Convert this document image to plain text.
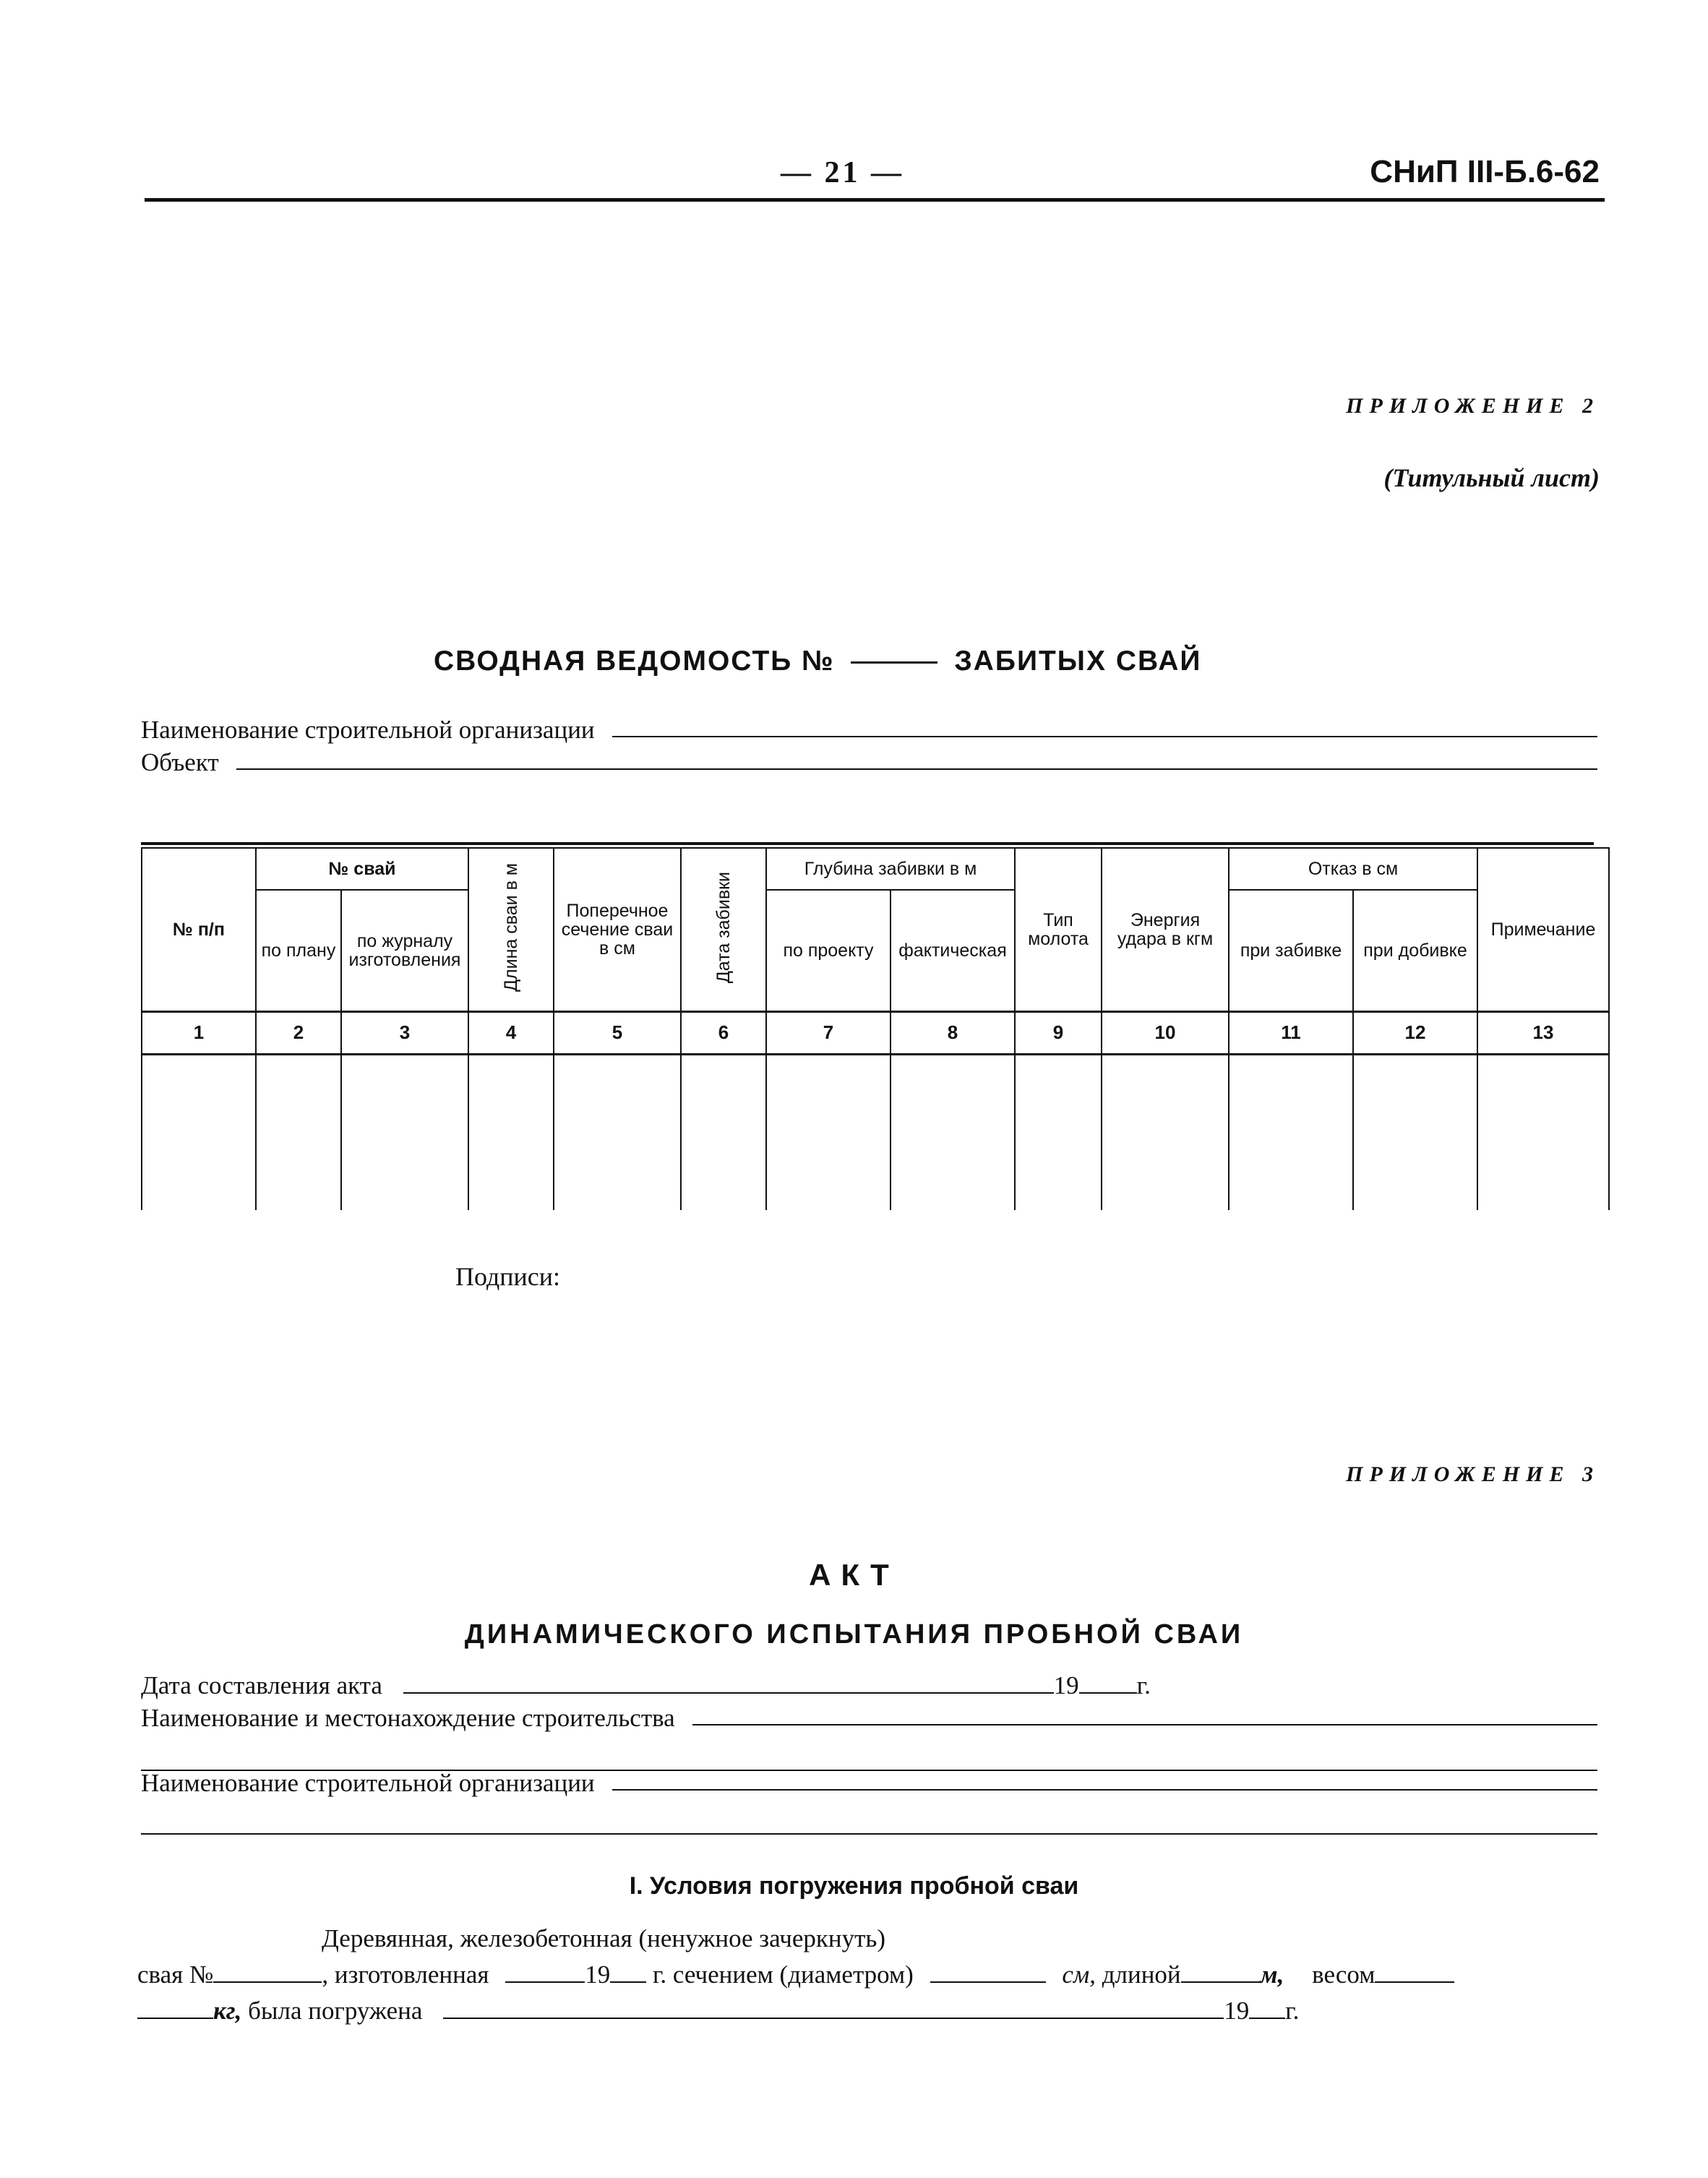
— 21 —	СНиП III-Б.6-62
ПРИЛОЖЕНИЕ 2
(Титульный лист)
СВОДНАЯ ВЕДОМОСТЬ №	ЗАБИТЫХ СВАЙ
Наименование строительной организации
Объект
№ п/п	№ свай		Длина сваи в м	Поперечное сечение сваи в см	Дата забивки	Глубина забивки в м		Тип молота	Энергия удара в кгм	Отказ в см		Примечание
	по плану	по журналу изготовления				по проекту	фактическая			при забивке	при добивке	
1	2	3	4	5	6	7	8	9	10	11	12	13

Подписи:
ПРИЛОЖЕНИЕ 3
АКТ
ДИНАМИЧЕСКОГО ИСПЫТАНИЯ ПРОБНОЙ СВАИ
Дата составления акта	19 г.
Наименование и местонахождение строительства
Наименование строительной организации
I. Условия погружения пробной сваи
Деревянная, железобетонная (ненужное зачеркнуть)
свая №	, изготовленная	19 г. сечением (диаметром)	см, длиной	м, весом
кг, была погружена	19 г.
